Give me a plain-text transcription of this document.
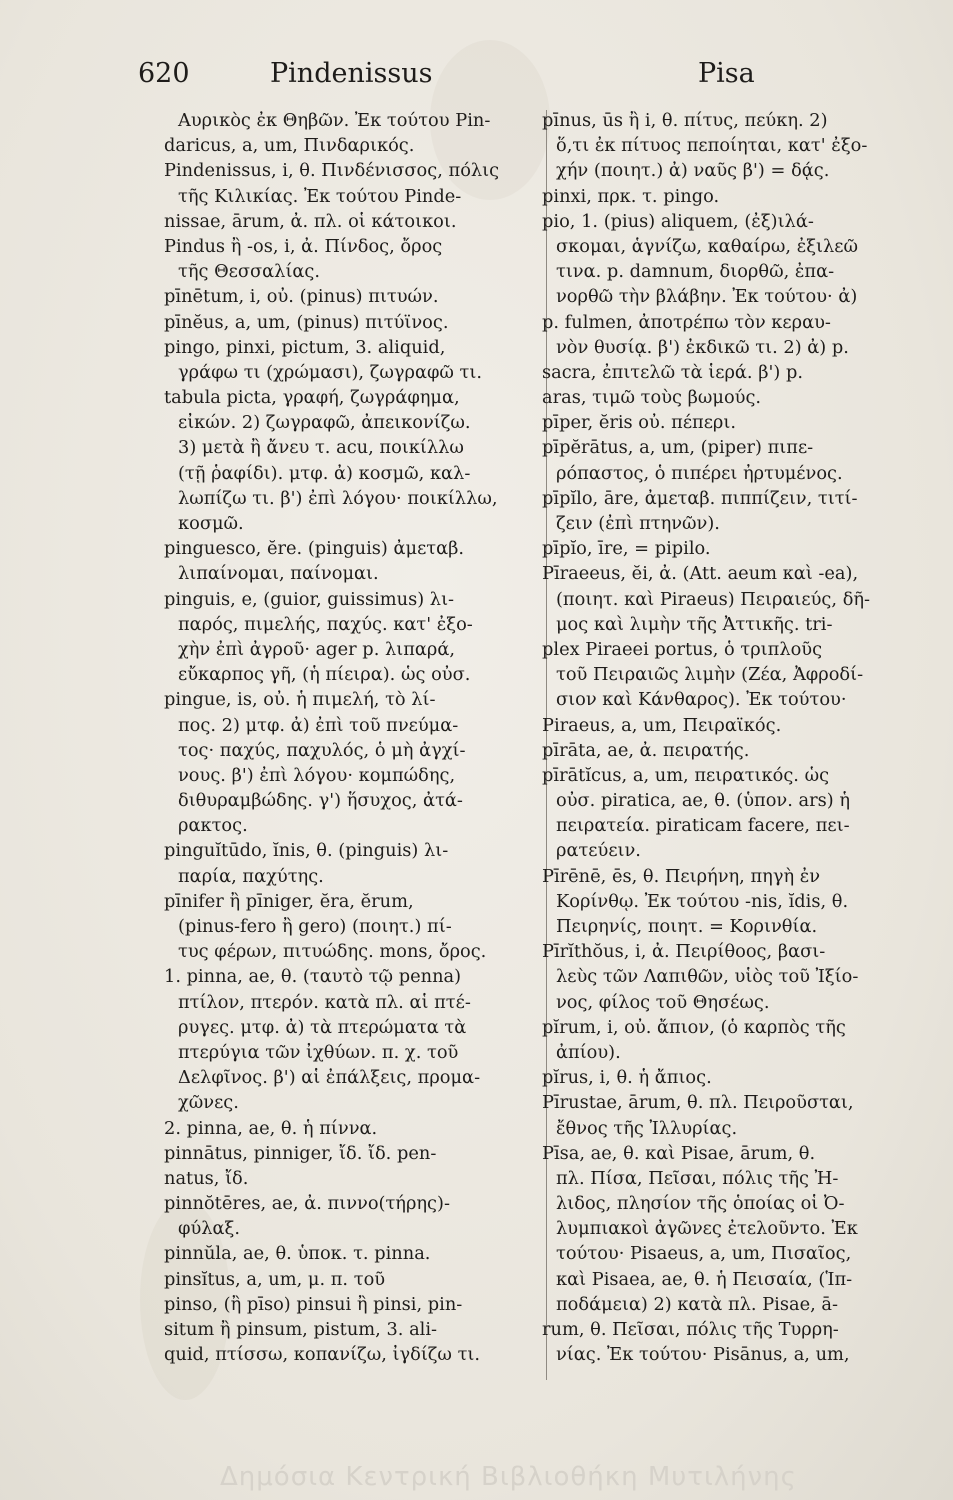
620	Pindenissus	Pisa
Αυρικὸς ἐκ Θηβῶν. Ἐκ τούτου Pin-
daricus, a, um, Πινδαρικός.
Pindenissus, i, θ. Πινδένισσος, πόλις
τῆς Κιλικίας. Ἐκ τούτου Pinde-
nissae, ārum, ἀ. πλ. οἱ κάτοικοι.
Pindus ἢ -os, i, ἀ. Πίνδος, ὄρος
τῆς Θεσσαλίας.
pīnētum, i, οὐ. (pinus) πιτυών.
pīnĕus, a, um, (pinus) πιτύϊνος.
pingo, pinxi, pictum, 3. aliquid,
γράφω τι (χρώμασι), ζωγραφῶ τι.
tabula picta, γραφή, ζωγράφημα,
εἰκών. 2) ζωγραφῶ, ἀπεικονίζω.
3) μετὰ ἢ ἄνευ τ. acu, ποικίλλω
(τῇ ῥαφίδι). μτφ. ἀ) κοσμῶ, καλ-
λωπίζω τι. β') ἐπὶ λόγου· ποικίλλω,
κοσμῶ.
pinguesco, ĕre. (pinguis) ἀμεταβ.
λιπαίνομαι, παίνομαι.
pinguis, e, (guior, guissimus) λι-
παρός, πιμελής, παχύς. κατ' ἐξο-
χὴν ἐπὶ ἀγροῦ· ager p. λιπαρά,
εὔκαρπος γῆ, (ἡ πίειρα). ὡς οὐσ.
pingue, is, οὐ. ἡ πιμελή, τὸ λί-
πος. 2) μτφ. ἀ) ἐπὶ τοῦ πνεύμα-
τος· παχύς, παχυλός, ὁ μὴ ἀγχί-
νους. β') ἐπὶ λόγου· κομπώδης,
διθυραμβώδης. γ') ἥσυχος, ἀτά-
ρακτος.
pinguĭtūdo, ĭnis, θ. (pinguis) λι-
παρία, παχύτης.
pīnifer ἢ pīniger, ĕra, ĕrum,
(pinus-fero ἢ gero) (ποιητ.) πί-
τυς φέρων, πιτυώδης. mons, ὄρος.
1. pinna, ae, θ. (ταυτὸ τῷ penna)
πτίλον, πτερόν. κατὰ πλ. αἱ πτέ-
ρυγες. μτφ. ἀ) τὰ πτερώματα τὰ
πτερύγια τῶν ἰχθύων. π. χ. τοῦ
Δελφῖνος. β') αἱ ἐπάλξεις, προμα-
χῶνες.
2. pinna, ae, θ. ἡ πίννα.
pinnātus, pinniger, ἴδ. ἴδ. pen-
natus, ἴδ.
pinnŏtēres, ae, ἀ. πιννο(τήρης)-
φύλαξ.
pinnŭla, ae, θ. ὑποκ. τ. pinna.
pinsĭtus, a, um, μ. π. τοῦ
pinso, (ἢ pīso) pinsui ἢ pinsi, pin-
situm ἢ pinsum, pistum, 3. ali-
quid, πτίσσω, κοπανίζω, ἰγδίζω τι.
pīnus, ūs ἢ i, θ. πίτυς, πεύκη. 2)
ὅ,τι ἐκ πίτυος πεποίηται, κατ' ἐξο-
χήν (ποιητ.) ἀ) ναῦς β') = δᾴς.
pinxi, πρκ. τ. pingo.
pio, 1. (pius) aliquem, (ἐξ)ιλά-
σκομαι, ἁγνίζω, καθαίρω, ἐξιλεῶ
τινα. p. damnum, διορθῶ, ἐπα-
νορθῶ τὴν βλάβην. Ἐκ τούτου· ἀ)
p. fulmen, ἀποτρέπω τὸν κεραυ-
νὸν θυσίᾳ. β') ἐκδικῶ τι. 2) ἀ) p.
sacra, ἐπιτελῶ τὰ ἱερά. β') p.
aras, τιμῶ τοὺς βωμούς.
pīper, ĕris οὐ. πέπερι.
pīpĕrātus, a, um, (piper) πιπε-
ρόπαστος, ὁ πιπέρει ἠρτυμένος.
pīpĭlo, āre, ἀμεταβ. πιππίζειν, τιτί-
ζειν (ἐπὶ πτηνῶν).
pīpĭo, īre, = pipilo.
Pīraeeus, ĕi, ἀ. (Att. aeum καὶ -ea),
(ποιητ. καὶ Piraeus) Πειραιεύς, δῆ-
μος καὶ λιμὴν τῆς Ἀττικῆς. tri-
plex Piraeei portus, ὁ τριπλοῦς
τοῦ Πειραιῶς λιμὴν (Ζέα, Ἀφροδί-
σιον καὶ Κάνθαρος). Ἐκ τούτου·
Piraeus, a, um, Πειραϊκός.
pīrāta, ae, ἀ. πειρατής.
pīrātĭcus, a, um, πειρατικός. ὡς
οὐσ. piratica, ae, θ. (ὑπον. ars) ἡ
πειρατεία. piraticam facere, πει-
ρατεύειν.
Pīrēnē, ēs, θ. Πειρήνη, πηγὴ ἐν
Κορίνθῳ. Ἐκ τούτου -nis, ĭdis, θ.
Πειρηνίς, ποιητ. = Κορινθία.
Pīrĭthŏus, i, ἀ. Πειρίθοος, βασι-
λεὺς τῶν Λαπιθῶν, υἱὸς τοῦ Ἰξίο-
νος, φίλος τοῦ Θησέως.
pĭrum, i, οὐ. ἄπιον, (ὁ καρπὸς τῆς
ἀπίου).
pĭrus, i, θ. ἡ ἄπιος.
Pīrustae, ārum, θ. πλ. Πειροῦσται,
ἔθνος τῆς Ἰλλυρίας.
Pīsa, ae, θ. καὶ Pisae, ārum, θ.
πλ. Πίσα, Πεῖσαι, πόλις τῆς Ἠ-
λιδος, πλησίον τῆς ὁποίας οἱ Ὀ-
λυμπιακοὶ ἀγῶνες ἐτελοῦντο. Ἐκ
τούτου· Pisaeus, a, um, Πισαῖος,
καὶ Pisaea, ae, θ. ἡ Πεισαία, (Ἱπ-
ποδάμεια) 2) κατὰ πλ. Pisae, ā-
rum, θ. Πεῖσαι, πόλις τῆς Τυρρη-
νίας. Ἐκ τούτου· Pisānus, a, um,
Δημόσια Κεντρική Βιβλιοθήκη Μυτιλήνης
